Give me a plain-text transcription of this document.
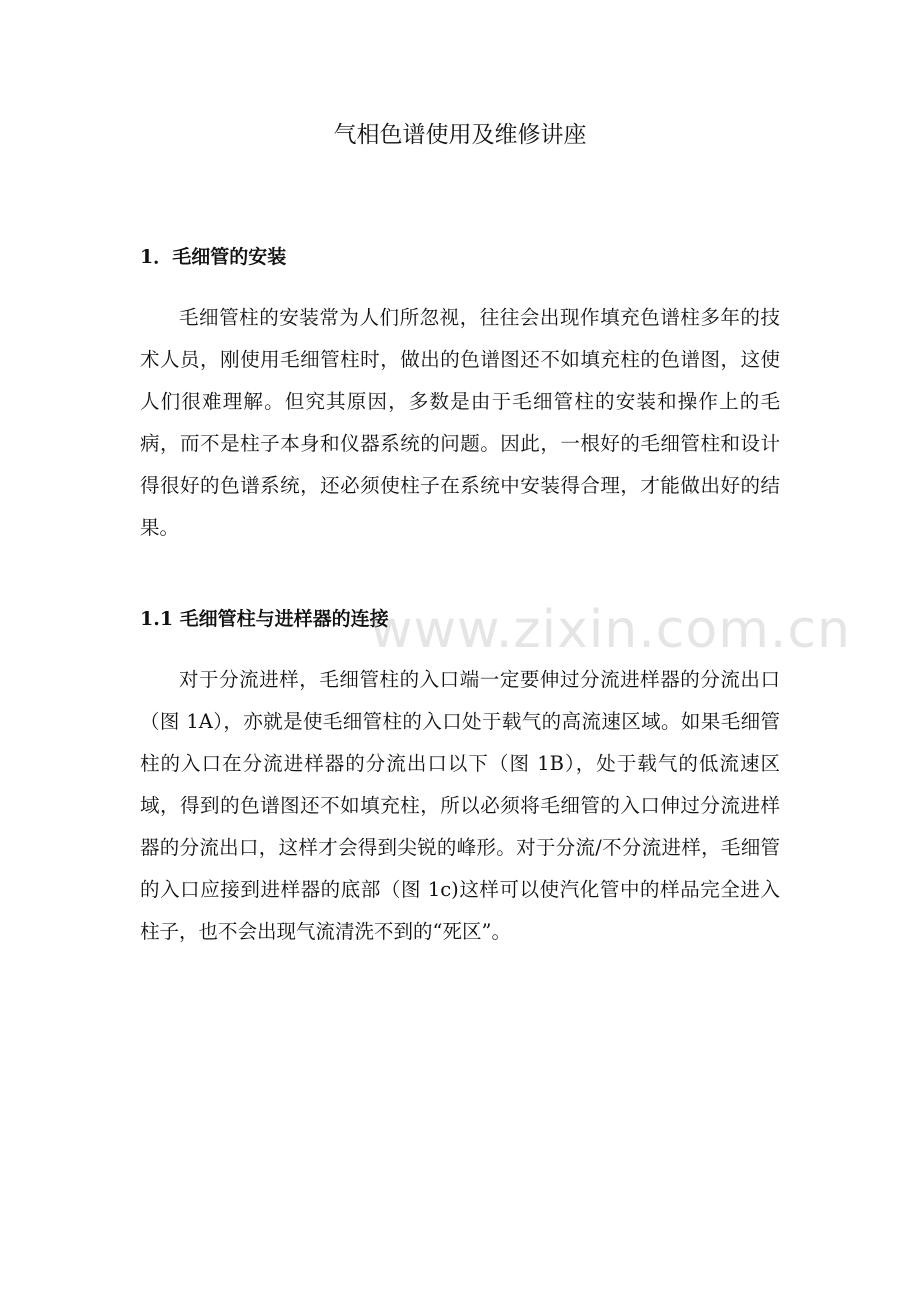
气相色谱使用及维修讲座
1．毛细管的安装

毛细管柱的安装常为人们所忽视，往往会出现作填充色谱柱多年的技术人员，刚使用毛细管柱时，做出的色谱图还不如填充柱的色谱图，这使人们很难理解。但究其原因，多数是由于毛细管柱的安装和操作上的毛病，而不是柱子本身和仪器系统的问题。因此，一根好的毛细管柱和设计得很好的色谱系统，还必须使柱子在系统中安装得合理，才能做出好的结果。

1.1 毛细管柱与进样器的连接

对于分流进样，毛细管柱的入口端一定要伸过分流进样器的分流出口（图 1A），亦就是使毛细管柱的入口处于载气的高流速区域。如果毛细管柱的入口在分流进样器的分流出口以下（图 1B），处于载气的低流速区域，得到的色谱图还不如填充柱，所以必须将毛细管的入口伸过分流进样器的分流出口，这样才会得到尖锐的峰形。对于分流/不分流进样，毛细管的入口应接到进样器的底部（图 1c)这样可以使汽化管中的样品完全进入柱子，也不会出现气流清洗不到的“死区”。

www.zixin.com.cn
